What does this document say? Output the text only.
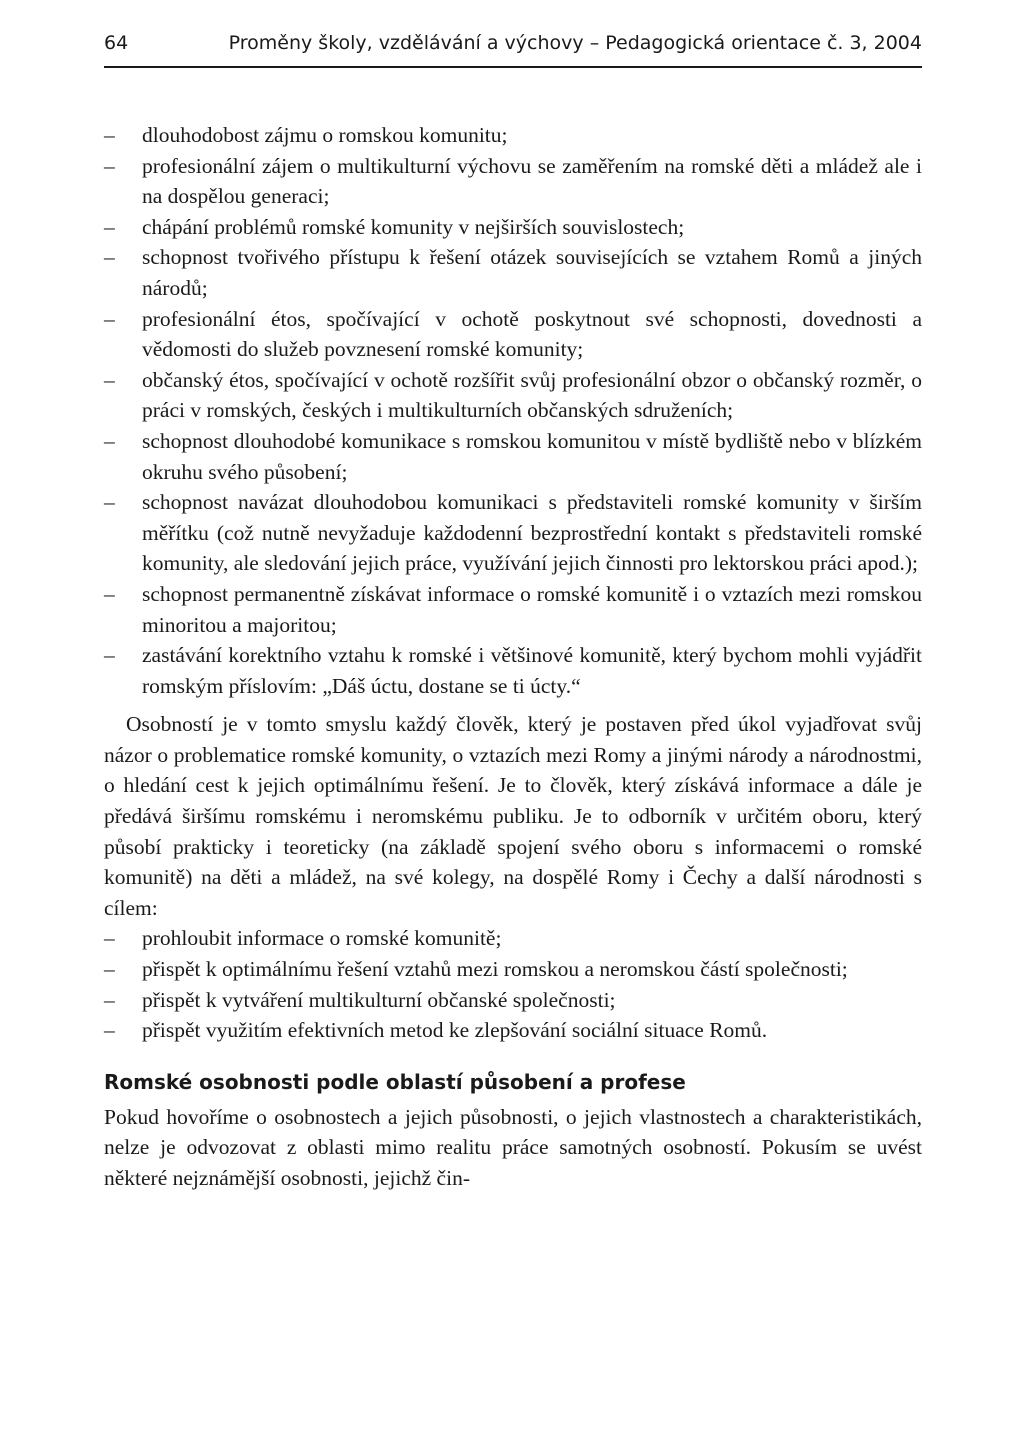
64	Proměny školy, vzdělávání a výchovy – Pedagogická orientace č. 3, 2004
– dlouhodobost zájmu o romskou komunitu;
– profesionální zájem o multikulturní výchovu se zaměřením na romské děti a mládež ale i na dospělou generaci;
– chápání problémů romské komunity v nejširších souvislostech;
– schopnost tvořivého přístupu k řešení otázek souvisejících se vztahem Romů a jiných národů;
– profesionální étos, spočívající v ochotě poskytnout své schopnosti, dovednosti a vědomosti do služeb povznesení romské komunity;
– občanský étos, spočívající v ochotě rozšířit svůj profesionální obzor o občanský rozměr, o práci v romských, českých i multikulturních občanských sdruženích;
– schopnost dlouhodobé komunikace s romskou komunitou v místě bydliště nebo v blízkém okruhu svého působení;
– schopnost navázat dlouhodobou komunikaci s představiteli romské komunity v širším měřítku (což nutně nevyžaduje každodenní bezprostřední kontakt s představiteli romské komunity, ale sledování jejich práce, využívání jejich činnosti pro lektorskou práci apod.);
– schopnost permanentně získávat informace o romské komunitě i o vztazích mezi romskou minoritou a majoritou;
– zastávání korektního vztahu k romské i většinové komunitě, který bychom mohli vyjádřit romským příslovím: „Dáš úctu, dostane se ti úcty.“

Osobností je v tomto smyslu každý člověk, který je postaven před úkol vyjadřovat svůj názor o problematice romské komunity, o vztazích mezi Romy a jinými národy a národnostmi, o hledání cest k jejich optimálnímu řešení. Je to člověk, který získává informace a dále je předává širšímu romskému i neromskému publiku. Je to odborník v určitém oboru, který působí prakticky i teoreticky (na základě spojení svého oboru s informacemi o romské komunitě) na děti a mládež, na své kolegy, na dospělé Romy i Čechy a další národnosti s cílem:

– prohloubit informace o romské komunitě;
– přispět k optimálnímu řešení vztahů mezi romskou a neromskou částí společnosti;
– přispět k vytváření multikulturní občanské společnosti;
– přispět využitím efektivních metod ke zlepšování sociální situace Romů.
Romské osobnosti podle oblastí působení a profese

Pokud hovoříme o osobnostech a jejich působnosti, o jejich vlastnostech a charakteristikách, nelze je odvozovat z oblasti mimo realitu práce samotných osobností. Pokusím se uvést některé nejznámější osobnosti, jejichž čin-
